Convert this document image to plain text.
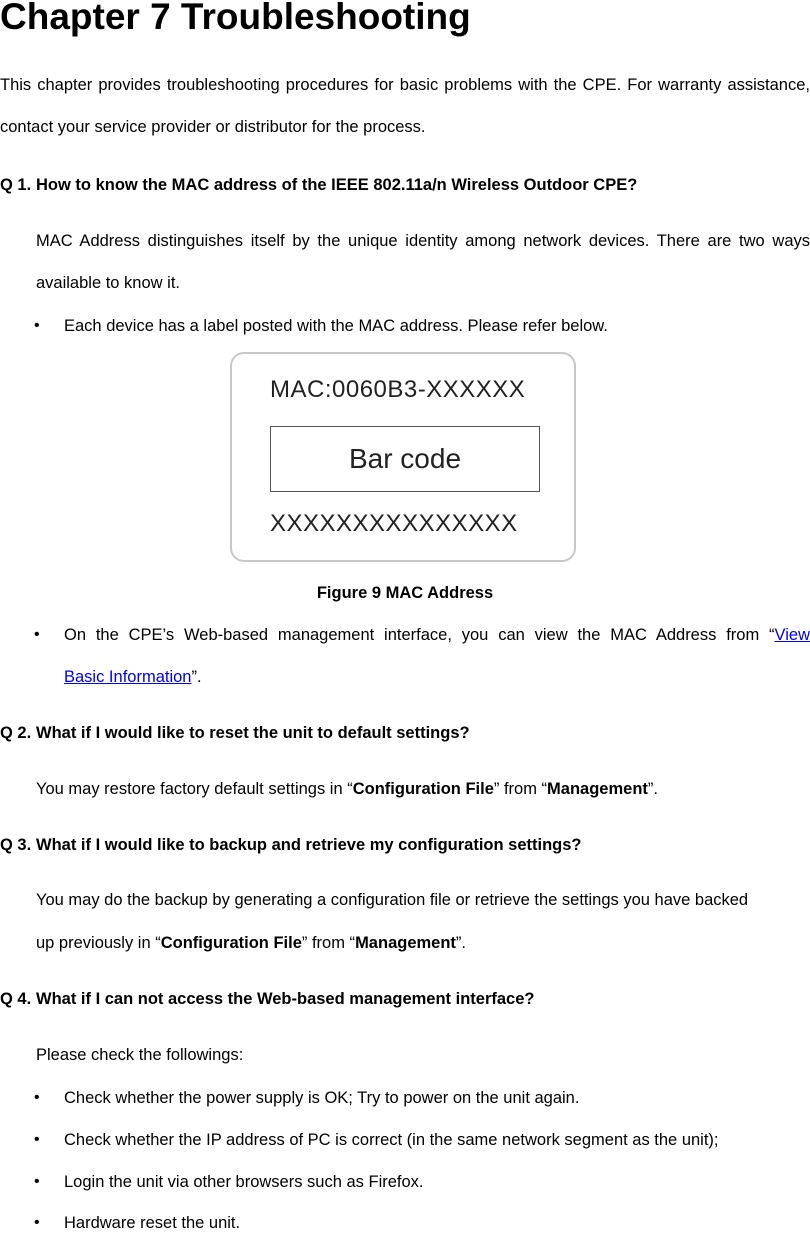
Chapter 7 Troubleshooting

This chapter provides troubleshooting procedures for basic problems with the CPE. For warranty assistance, contact your service provider or distributor for the process.

Q 1. How to know the MAC address of the IEEE 802.11a/n Wireless Outdoor CPE?

MAC Address distinguishes itself by the unique identity among network devices. There are two ways available to know it.

• Each device has a label posted with the MAC address. Please refer below.
MAC:0060B3-XXXXXX
Bar code
XXXXXXXXXXXXXXX
Figure 9 MAC Address
• On the CPE’s Web-based management interface, you can view the MAC Address from “View
Basic Information”.
Q 2. What if I would like to reset the unit to default settings?
You may restore factory default settings in “Configuration File” from “Management”.
Q 3. What if I would like to backup and retrieve my configuration settings?
You may do the backup by generating a configuration file or retrieve the settings you have backed
up previously in “Configuration File” from “Management”.
Q 4. What if I can not access the Web-based management interface?
Please check the followings:
• Check whether the power supply is OK; Try to power on the unit again.
• Check whether the IP address of PC is correct (in the same network segment as the unit);
• Login the unit via other browsers such as Firefox.
• Hardware reset the unit.
